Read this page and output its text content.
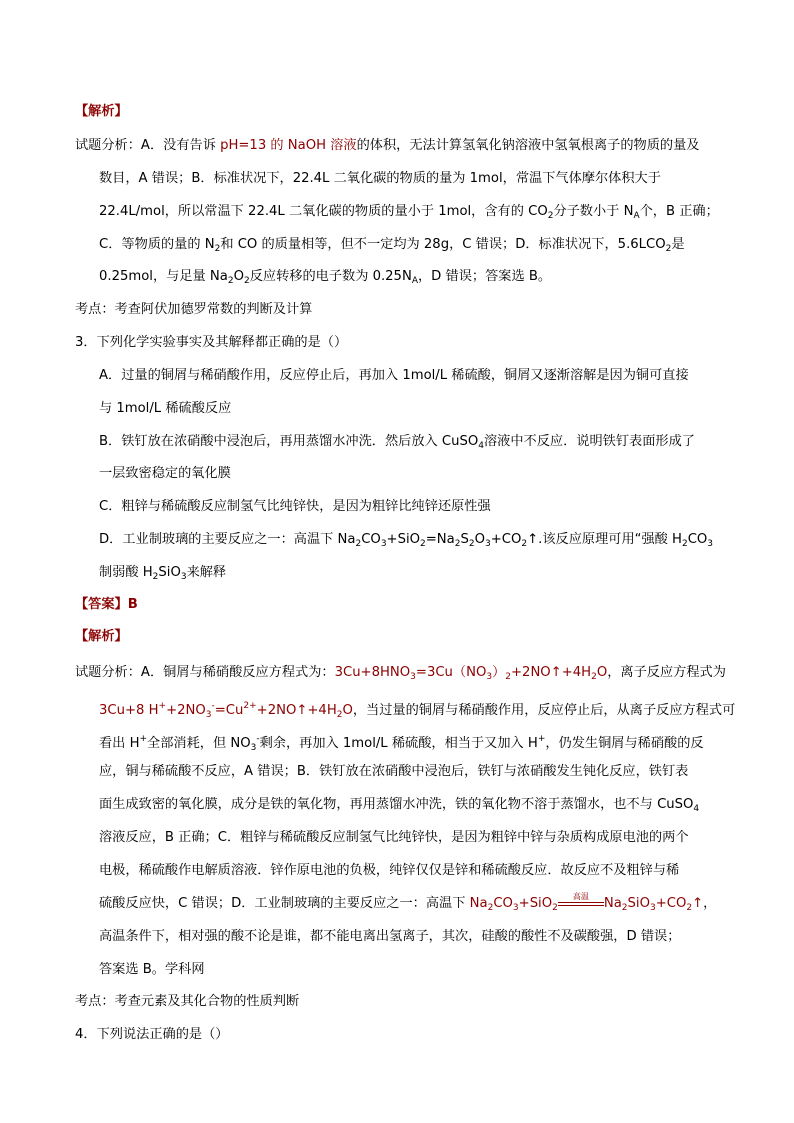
【解析】
试题分析：A．没有告诉 pH=13 的 NaOH 溶液的体积，无法计算氢氧化钠溶液中氢氧根离子的物质的量及
数目，A 错误；B．标准状况下，22.4L 二氧化碳的物质的量为 1mol，常温下气体摩尔体积大于
22.4L/mol，所以常温下 22.4L 二氧化碳的物质的量小于 1mol，含有的 $CO_2$分子数小于 $N_A$个，B 正确；
C．等物质的量的 $N_2$和 CO 的质量相等，但不一定均为 28g，C 错误；D．标准状况下，$5.6LCO_2$是
0.25mol，与足量 $Na_2O_2$反应转移的电子数为 $0.25N_A$，D 错误；答案选 B。
考点：考查阿伏加德罗常数的判断及计算
3．下列化学实验事实及其解释都正确的是（）
A．过量的铜屑与稀硝酸作用，反应停止后，再加入 1mol/L 稀硫酸，铜屑又逐渐溶解是因为铜可直接
与 1mol/L 稀硫酸反应
B．铁钉放在浓硝酸中浸泡后，再用蒸馏水冲洗．然后放入 CuSO$_4$溶液中不反应．说明铁钉表面形成了
一层致密稳定的氧化膜
C．粗锌与稀硫酸反应制氢气比纯锌快，是因为粗锌比纯锌还原性强
D．工业制玻璃的主要反应之一：高温下 $Na_2CO_3+SiO_2=Na_2S_2O_3+CO_2↑$.该反应原理可用“强酸 $H_2CO_3$
制弱酸 $H_2SiO_3$来解释
【答案】B
【解析】
试题分析：A．铜屑与稀硝酸反应方程式为：$3Cu+8HNO_3=3Cu(NO_3)_2+2NO↑+4H_2O$，离子反应方程式为
3Cu+8 $H^++2NO_3^-=Cu^{2+}+2NO↑+4H_2O$，当过量的铜屑与稀硝酸作用，反应停止后，从离子反应方程式可
看出 H+全部消耗，但 $NO_3^-$剩余，再加入 1mol/L 稀硫酸，相当于又加入 H+，仍发生铜屑与稀硝酸的反
应，铜与稀硫酸不反应，A 错误；B．铁钉放在浓硝酸中浸泡后，铁钉与浓硝酸发生钝化反应，铁钉表
面生成致密的氧化膜，成分是铁的氧化物，再用蒸馏水冲洗，铁的氧化物不溶于蒸馏水，也不与 CuSO$_4$
溶液反应，B 正确；C．粗锌与稀硫酸反应制氢气比纯锌快，是因为粗锌中锌与杂质构成原电池的两个
电极，稀硫酸作电解质溶液．锌作原电池的负极，纯锌仅仅是锌和稀硫酸反应．故反应不及粗锌与稀
硫酸反应快，C 错误；D．工业制玻璃的主要反应之一：高温下 $Na_2CO_3+SiO_2$
高温	$Na_2SiO_3+CO_2↑$，
高温条件下，相对强的酸不论是谁，都不能电离出氢离子，其次，硅酸的酸性不及碳酸强，D 错误；
答案选 B。学科网
考点：考查元素及其化合物的性质判断
4．下列说法正确的是（）
